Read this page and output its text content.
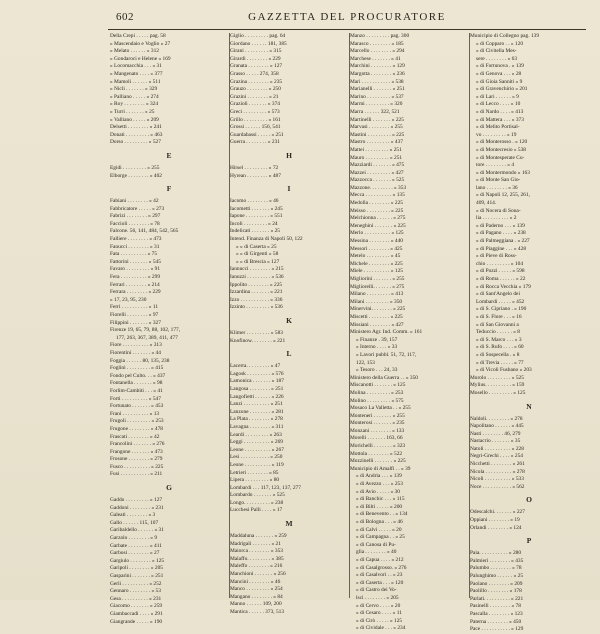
602	GAZZETTA DEL PROCURATORE
Della Crepi . . . . . pag. 58
» Mascendaio e Voglio » 27
» Melato . . . . . . » 312
» Gondaroci e Helene » 169
» Locomacchia . . . » 31
» Mangenato . . . . » 377
» Mamoli . . . . . . » 511
» Nicli . . . . . . . » 329
» Palliano . . . . . » 274
» Roy . . . . . . . . » 324
» Turri . . . . . . . » 25
» Valliano . . . . . » 209
Delsetti . . . . . . . . » 241
Donati . . . . . . . . . » 463
Dorso . . . . . . . . . » 527
E
Egidi . . . . . . . . . » 255
Elborge . . . . . . . . » 402
F
Fabiani . . . . . . . . » 42
Fabbricatore . . . . . » 273
Fabrizi . . . . . . . . » 297
Faccioli . . . . . . . . » 78
Falcone. 56, 141, 484, 542, 565
Falliere . . . . . . . . » 473
Fanucci . . . . . . . . » 31
Fata . . . . . . . . . . » 75
Fattorini . . . . . . . » 545
Favaro . . . . . . . . . » 91
Fera . . . . . . . . . . » 299
Ferrari . . . . . . . . » 214
Ferrara . . . . . . . . » 229
» 17, 23, 95, 230
Ferri . . . . . . . . . . » 11
Fiorelli . . . . . . . . » 97
Filippini . . . . . . . » 327
Firenze 19, 65, 79, 88, 102, 177,
177, 263, 367, 389, 411, 477
Fiore . . . . . . . . . . » 313
Fiorentini . . . . . . . » 44
Foggia . . . . . . 80, 135, 238
Foglini . . . . . . . . . » 415
Fondo pel Culto. . . » 437
Fontanella . . . . . . . » 98
Forlim-Cambiti . . . » 41
Forti . . . . . . . . . . » 547
Fortunato . . . . . . . » 453
Frani . . . . . . . . . . » 13
Frugoli . . . . . . . . . » 253
Frugone . . . . . . . . » 478
Frascati . . . . . . . . » 42
Francolini . . . . . . . » 276
Frangone . . . . . . . » 473
Frosone . . . . . . . . » 279
Fusco . . . . . . . . . . » 225
Fusi . . . . . . . . . . . » 211
G
Gaddo . . . . . . . . . » 127
Gaddoni . . . . . . . . » 231
Galeati . . . . . . . . » 3
Gallo . . . . . . 115, 107
Garibaldello . . . . . . » 31
Garzolo . . . . . . . . » 9
Garbate . . . . . . . . » 411
Garbosi . . . . . . . . » 27
Gargiulo . . . . . . . . » 125
Garipoli . . . . . . . . » 205
Gasparini . . . . . . . » 251
Gerli . . . . . . . . . . » 252
Gennaro . . . . . . . . » 53
Gesa . . . . . . . . . . » 231
Giacomo . . . . . . . » 259
Giambaccadi . . . . » 291
Giangrande . . . . . » 190
Giglio . . . . . . . . . pag. 64
Giordano . . . . . . 181, 385
Girani . . . . . . . . . » 315
Girardi . . . . . . . . » 229
Granata . . . . . . . . » 127
Grasso . . . . . 274, 358
Grazina . . . . . . . . » 235
Grauzo . . . . . . . . » 250
Grazini . . . . . . . . » 21
Grazioli . . . . . . . » 374
Greci . . . . . . . . . » 573
Grillo . . . . . . . . . » 161
Grossi . . . . . . 156, 541
Guardabassi . . . . . » 251
Guerra . . . . . . . . » 231
H
Hirsel . . . . . . . . . » 72
Hyrean . . . . . . . . » 487
I
Iacomo . . . . . . . . » 46
Iacometti . . . . . . . » 245
Iapone . . . . . . . . . » 551
Incoli . . . . . . . . . » 24
Indelicati . . . . . . . » 25
Intend. Finanza di Napoli 50, 122
» » di Caserta » 25
» » di Girgenti » 58
» » di Brescia » 127
Iannucci . . . . . . . . » 215
Ianuzzi . . . . . . . . . » 536
Ippolito . . . . . . . . » 225
Izzardina . . . . . . . » 221
Izzo . . . . . . . . . . . » 336
Izzinto . . . . . . . . . » 536
K
Klimer . . . . . . . . . » 583
Knofinow. . . . . . . . » 221
L
Lacerra. . . . . . . . . » 47
Lagosk . . . . . . . . . » 576
Lamonica . . . . . . . » 187
Langosa . . . . . . . . » 251
Langofietti . . . . . . » 226
Lanzi . . . . . . . . . . » 251
Lanzone . . . . . . . . » 281
La Plata . . . . . . . . » 278
Lavagna . . . . . . . . » 311
Leardi . . . . . . . . . » 263
Leggi . . . . . . . . . . » 269
Leone . . . . . . . . . . » 267
Lesi . . . . . . . . . . . » 250
Leone . . . . . . . . . . » 119
Letrieri . . . . . . . . » 85
Lipera . . . . . . . . . » 80
Lombardi . . . 117, 123, 137, 277
Lombardo . . . . . . . » 525
Longo. . . . . . . . . . » 238
Lucchesi Palli . . . . » 17
M
Maddaluna . . . . . . . » 259
Madrigali . . . . . . . » 21
Maiorca . . . . . . . . » 353
Malaffo. . . . . . . . . » 385
Maleffo . . . . . . . . » 216
Manchioni . . . . . . . » 256
Mancini . . . . . . . . » 46
Manco . . . . . . . . . » 254
Mangano . . . . . . . . » 84
Manno . . . . . . 109, 200
Mantica . . . . . . 373, 513
Manzo . . . . . . . . . pag. 300
Marasco . . . . . . . . » 185
Marcello . . . . . . . . » 294
Marchese . . . . . . . » 41
Marchini . . . . . . . . » 129
Margotta . . . . . . . . » 236
Mari . . . . . . . . . . . » 538
Marianelli . . . . . . . » 251
Marino . . . . . . . . . » 537
Marmi . . . . . . . . . » 320
Marra . . . . . . 322, 521
Martinelli . . . . . . . » 225
Marvasi . . . . . . . . » 255
Mastini . . . . . . . . . » 225
Mastro . . . . . . . . . » 437
Mattei . . . . . . . . . » 251
Mauro . . . . . . . . . » 251
Mazziardi . . . . . . . » 475
Mazzei . . . . . . . . . » 427
Mazzocca . . . . . . . » 525
Mazzone. . . . . . . . . » 353
Mecca . . . . . . . . . . » 135
Medolla . . . . . . . . » 225
Meisso . . . . . . . . . » 225
Melchionna . . . . . . » 275
Meneghini . . . . . . . » 225
Merlo . . . . . . . . . . » 125
Messina . . . . . . . . » 440
Messori . . . . . . . . » 425
Metelo . . . . . . . . . » 45
Michele . . . . . . . . » 225
Miele . . . . . . . . . . » 125
Migliorini . . . . . . . » 255
Migliorelli. . . . . . . » 275
Milano . . . . . . . . . » 413
Milani . . . . . . . . . » 350
Minervini. . . . . . . . » 225
Miscetti . . . . . . . . » 225
Missiani . . . . . . . . » 427
Ministero Agr. Ind. Comm. » 161
» Finanze . 39, 157
» Interno . . . . » 33
» Lavori pubbl. 51, 72, 117,
122, 153
» Tesoro . . . 24, 33
Ministero della Guerra . . » 350
Miscanotti . . . . . . . » 125
Molina . . . . . . . . . » 253
Molino . . . . . . . . . » 575
Mosaco La Valletta . . » 255
Monteneri . . . . . . . » 255
Monterosi . . . . . . . » 235
Monzani . . . . . . . . » 133
Morelli . . . . . . . 163, 66
Morichelli . . . . . . . » 323
Mottola . . . . . . . . » 522
Mozzinelli . . . . . . . » 225
Municipio di Amalfi . . » 39
» di Andria . . . » 139
» di Avezzo . . . » 253
» di Avio . . . . . » 30
» di Banchic . . . » 115
» di Bilti . . . . . » 200
» di Benevento . . » 134
» di Bologna . . . » 46
» di Calvi . . . . . » 20
» di Campagna . . » 25
» di Canosa di Pu-
glia . . . . . . . . » 40
» di Capua . . . . » 212
» di Casalgrosso. » 276
» di Casalvori . . » 23
» di Caserta . . . » 120
» di Castro dei Vo-
lsci . . . . . . . . » 205
» di Cervo . . . . » 20
» di Cesaro . . . . » 11
» di Cirò . . . . . » 125
» di Cividale . . . » 234
Municipio di Collegno pag. 139
» di Copparo . . » 120
» di Civitella Mes-
sere . . . . . . . . » 63
» di Fortunova . » 139
» di Genova . . . » 28
» di Gioia Sanniti » 9
» di Gravenchirio » 201
» di Lari . . . . . . » 9
» di Lecco . . . . » 10
» di Nardo . . . . » 413
» di Mattera . . . » 373
» di Melito Portisal-
vo . . . . . . . . . » 19
» di Monterosso . » 120
» di Montecresio » 538
» di Montesperate Cu-
tore . . . . . . . . » 4
» di Montermondo » 163
» di Monte San Gio-
lano . . . . . . . . » 36
» di Napoli 12, 255, 261,
409, 414.
» di Nocera di Sona-
lia . . . . . . . . . . » 2
» di Paderno . . . » 139
» di Pagano . . . . » 238
» di Palmeggiana . » 227
» di Piaggine . . . » 428
» di Pieve di Ross-
chio . . . . . . . . . » 104
» di Pozzi . . . . . » 598
» di Roma . . . . . . » 22
» di Rocca Vecchia » 179
» di Sant'Angelo dei
Lombardi . . . . . » 452
» di S. Cipriano . » 190
» di S. Flore . . . » 16
» di San Giovanni a
Teduccio . . . . . . » 8
» di S. Marco . . . » 3
» di S. Rufo . . . . » 60
» di Sospecella . » 8
» di Trevia . . . . . » 77
» di Vicoli Fusbano » 203
Murolo . . . . . . . . . » 525
Mylius. . . . . . . . . . » 159
Mosello . . . . . . . . . » 125
N
Naldoli. . . . . . . . . » 278
Napolitano . . . . . . » 445
Nasti . . . . . . . . 46, 279
Nastacrio . . . . . . . » 35
Natoli . . . . . . . . . . » 228
Negri-Grechi . . . . » 254
Nicchetti . . . . . . . . » 261
Nicola . . . . . . . . . . » 278
Nicoli . . . . . . . . . . » 533
Noce . . . . . . . . . . . » 562
O
Odescalchi. . . . . . . » 227
Oppiani . . . . . . . . » 19
Orlandi . . . . . . . . » 124
P
Paia. . . . . . . . . . . » 280
Palmieri . . . . . . . . » 435
Palumbo . . . . . . . . » 78
Palunghimo . . . . . . » 25
Paolano . . . . . . . . » 209
Paolillo . . . . . . . . » 178
Parlati. . . . . . . . . . » 221
Pasinelli . . . . . . . . » 78
Pascalla . . . . . . . . » 123
Paterna . . . . . . . . » 450
Pace . . . . . . . . . . . » 129
